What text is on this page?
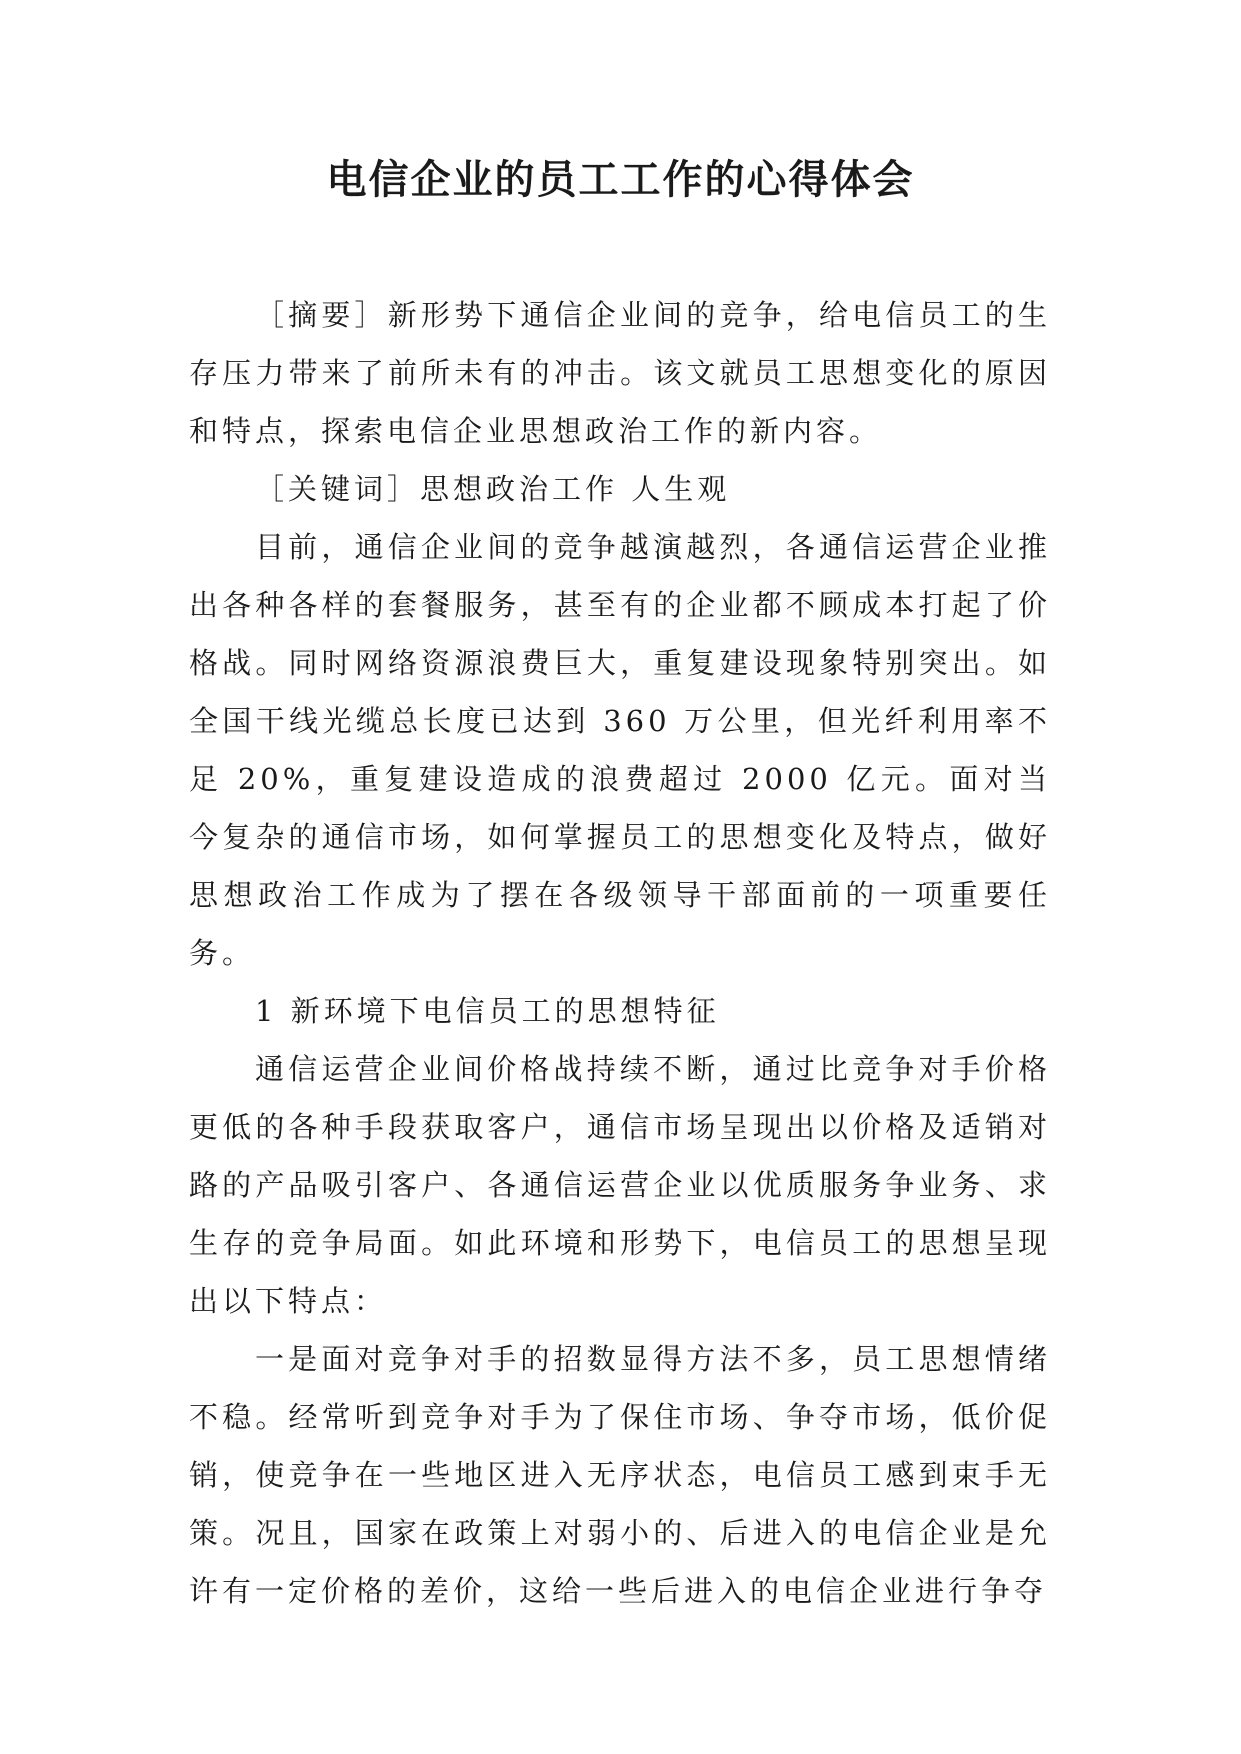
电信企业的员工工作的心得体会

［摘要］新形势下通信企业间的竞争，给电信员工的生存压力带来了前所未有的冲击。该文就员工思想变化的原因和特点，探索电信企业思想政治工作的新内容。

［关键词］思想政治工作 人生观

目前，通信企业间的竞争越演越烈，各通信运营企业推出各种各样的套餐服务，甚至有的企业都不顾成本打起了价格战。同时网络资源浪费巨大，重复建设现象特别突出。如全国干线光缆总长度已达到 360 万公里，但光纤利用率不足 20%，重复建设造成的浪费超过 2000 亿元。面对当今复杂的通信市场，如何掌握员工的思想变化及特点，做好思想政治工作成为了摆在各级领导干部面前的一项重要任务。

1 新环境下电信员工的思想特征

通信运营企业间价格战持续不断，通过比竞争对手价格更低的各种手段获取客户，通信市场呈现出以价格及适销对路的产品吸引客户、各通信运营企业以优质服务争业务、求生存的竞争局面。如此环境和形势下，电信员工的思想呈现出以下特点：

一是面对竞争对手的招数显得方法不多，员工思想情绪不稳。经常听到竞争对手为了保住市场、争夺市场，低价促销，使竞争在一些地区进入无序状态，电信员工感到束手无策。况且，国家在政策上对弱小的、后进入的电信企业是允许有一定价格的差价，这给一些后进入的电信企业进行争夺
